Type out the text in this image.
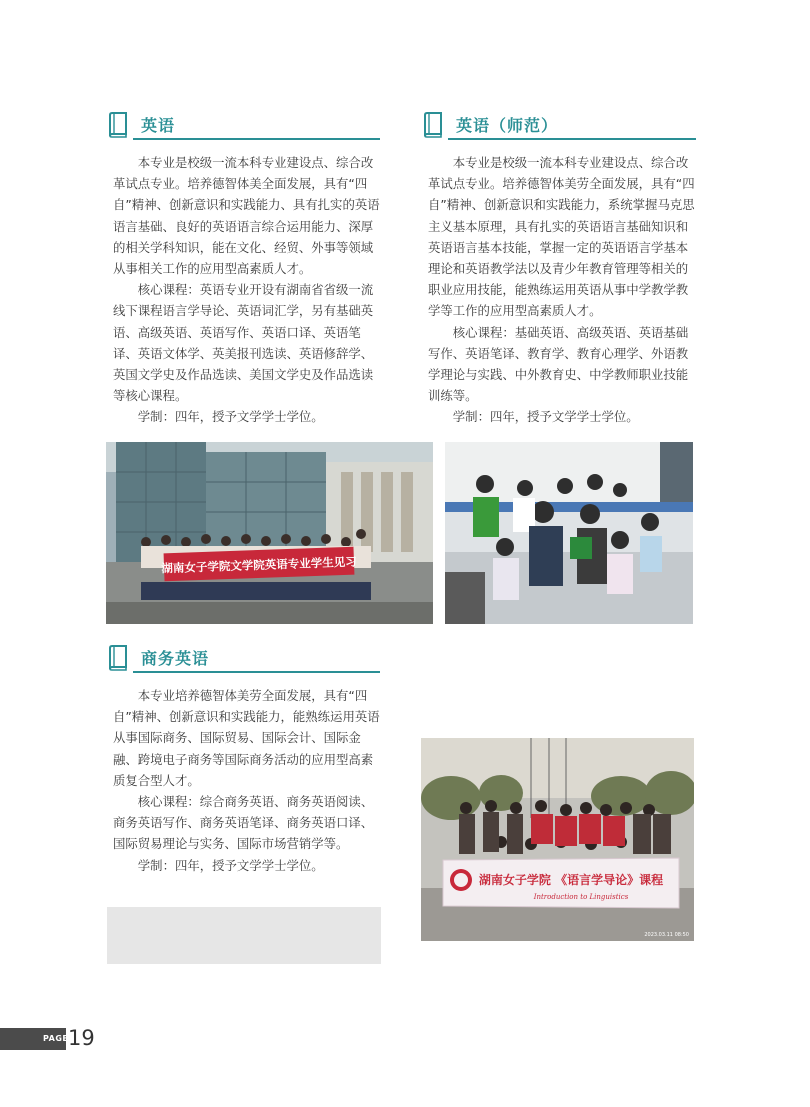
英语

本专业是校级一流本科专业建设点、综合改革试点专业。培养德智体美全面发展，具有“四自”精神、创新意识和实践能力、具有扎实的英语语言基础、良好的英语语言综合运用能力、深厚的相关学科知识，能在文化、经贸、外事等领域从事相关工作的应用型高素质人才。

核心课程：英语专业开设有湖南省省级一流线下课程语言学导论、英语词汇学，另有基础英语、高级英语、英语写作、英语口译、英语笔译、英语文体学、英美报刊选读、英语修辞学、英国文学史及作品选读、美国文学史及作品选读等核心课程。

学制：四年，授予文学学士学位。

英语（师范）

本专业是校级一流本科专业建设点、综合改革试点专业。培养德智体美劳全面发展，具有“四自”精神、创新意识和实践能力，系统掌握马克思主义基本原理，具有扎实的英语语言基础知识和英语语言基本技能，掌握一定的英语语言学基本理论和英语教学法以及青少年教育管理等相关的职业应用技能，能熟练运用英语从事中学教学教学等工作的应用型高素质人才。

核心课程：基础英语、高级英语、英语基础写作、英语笔译、教育学、教育心理学、外语教学理论与实践、中外教育史、中学教师职业技能训练等。

学制：四年，授予文学学士学位。

湖南女子学院文学院英语专业学生见习
商务英语

本专业培养德智体美劳全面发展，具有“四自”精神、创新意识和实践能力，能熟练运用英语从事国际商务、国际贸易、国际会计、国际金融、跨境电子商务等国际商务活动的应用型高素质复合型人才。

核心课程：综合商务英语、商务英语阅读、商务英语写作、商务英语笔译、商务英语口译、国际贸易理论与实务、国际市场营销学等。

学制：四年，授予文学学士学位。

湖南女子学院 《语言学导论》课程
Introduction to Linguistics
2023.03.11 08:50
PAGE 19
